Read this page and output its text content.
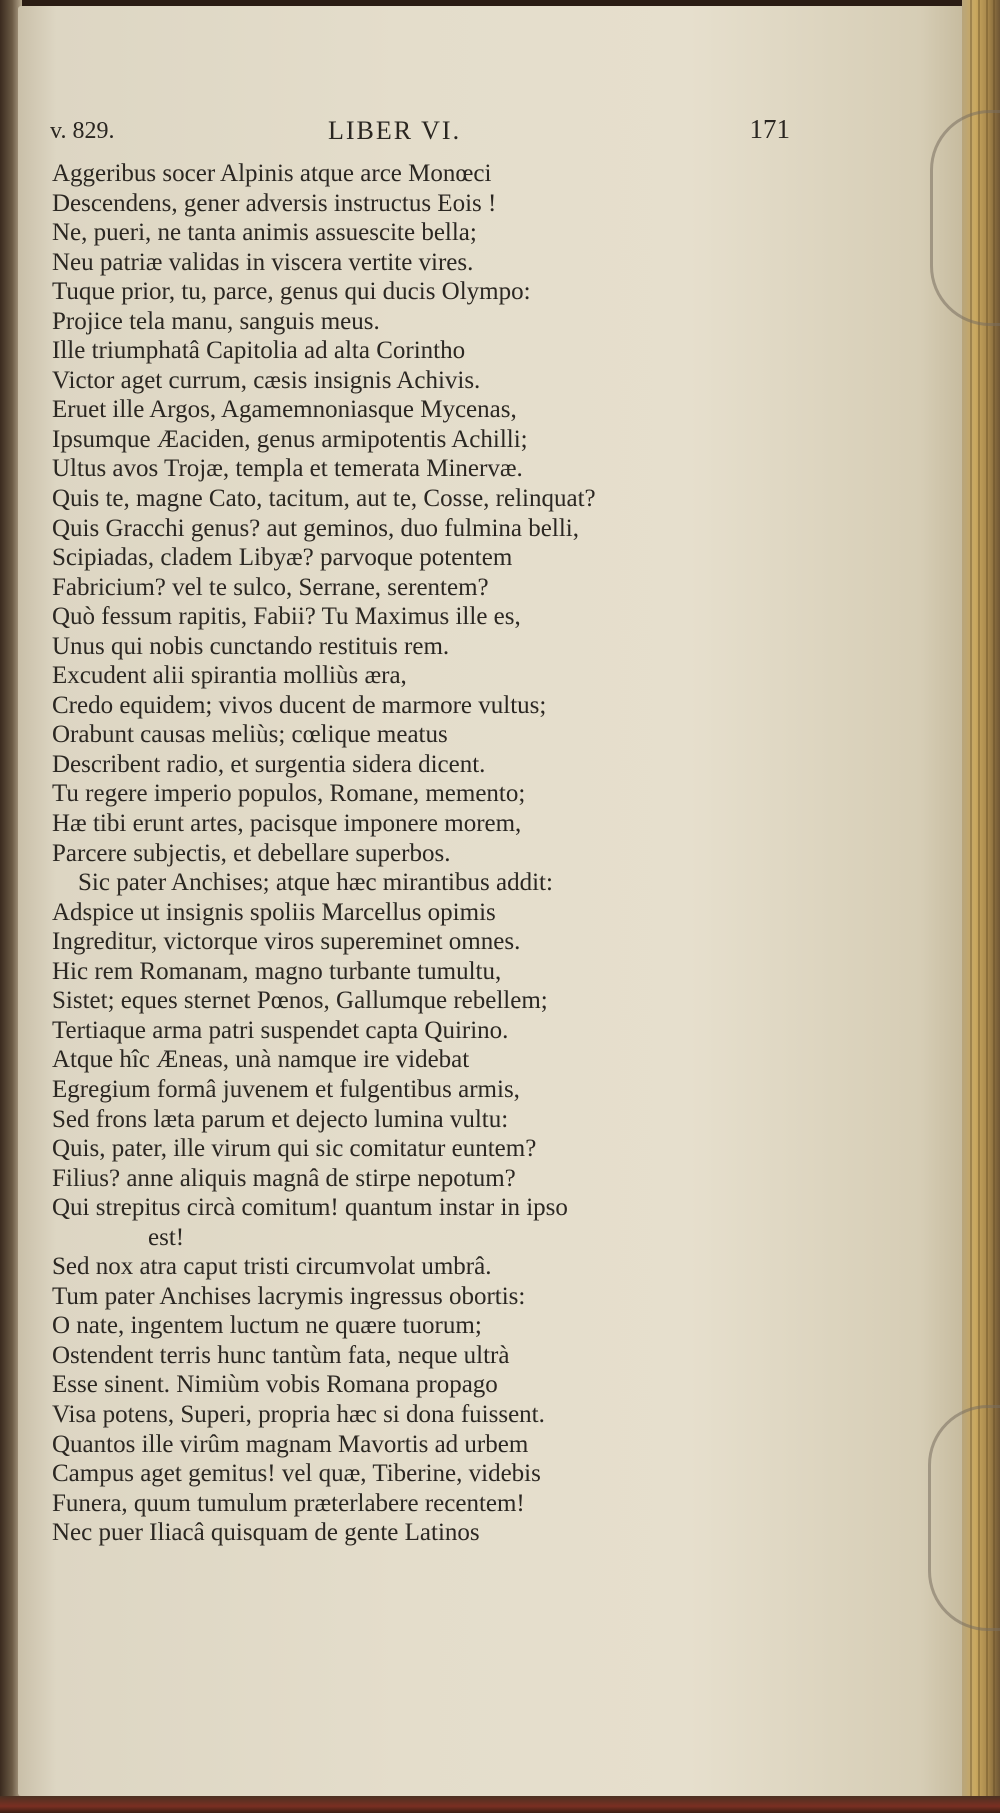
v. 829.	LIBER VI.	171
Aggeribus socer Alpinis atque arce Monœci
Descendens, gener adversis instructus Eois !
Ne, pueri, ne tanta animis assuescite bella;
Neu patriæ validas in viscera vertite vires.
Tuque prior, tu, parce, genus qui ducis Olympo:
Projice tela manu, sanguis meus.
Ille triumphatâ Capitolia ad alta Corintho
Victor aget currum, cæsis insignis Achivis.
Eruet ille Argos, Agamemnoniasque Mycenas,
Ipsumque Æaciden, genus armipotentis Achilli;
Ultus avos Trojæ, templa et temerata Minervæ.
Quis te, magne Cato, tacitum, aut te, Cosse, relinquat?
Quis Gracchi genus? aut geminos, duo fulmina belli,
Scipiadas, cladem Libyæ? parvoque potentem
Fabricium? vel te sulco, Serrane, serentem?
Quò fessum rapitis, Fabii? Tu Maximus ille es,
Unus qui nobis cunctando restituis rem.
Excudent alii spirantia molliùs æra,
Credo equidem; vivos ducent de marmore vultus;
Orabunt causas meliùs; cœlique meatus
Describent radio, et surgentia sidera dicent.
Tu regere imperio populos, Romane, memento;
Hæ tibi erunt artes, pacisque imponere morem,
Parcere subjectis, et debellare superbos.
Sic pater Anchises; atque hæc mirantibus addit:
Adspice ut insignis spoliis Marcellus opimis
Ingreditur, victorque viros supereminet omnes.
Hic rem Romanam, magno turbante tumultu,
Sistet; eques sternet Pœnos, Gallumque rebellem;
Tertiaque arma patri suspendet capta Quirino.
Atque hîc Æneas, unà namque ire videbat
Egregium formâ juvenem et fulgentibus armis,
Sed frons læta parum et dejecto lumina vultu:
Quis, pater, ille virum qui sic comitatur euntem?
Filius? anne aliquis magnâ de stirpe nepotum?
Qui strepitus circà comitum! quantum instar in ipso
est!
Sed nox atra caput tristi circumvolat umbrâ.
Tum pater Anchises lacrymis ingressus obortis:
O nate, ingentem luctum ne quære tuorum;
Ostendent terris hunc tantùm fata, neque ultrà
Esse sinent. Nimiùm vobis Romana propago
Visa potens, Superi, propria hæc si dona fuissent.
Quantos ille virûm magnam Mavortis ad urbem
Campus aget gemitus! vel quæ, Tiberine, videbis
Funera, quum tumulum præterlabere recentem!
Nec puer Iliacâ quisquam de gente Latinos
